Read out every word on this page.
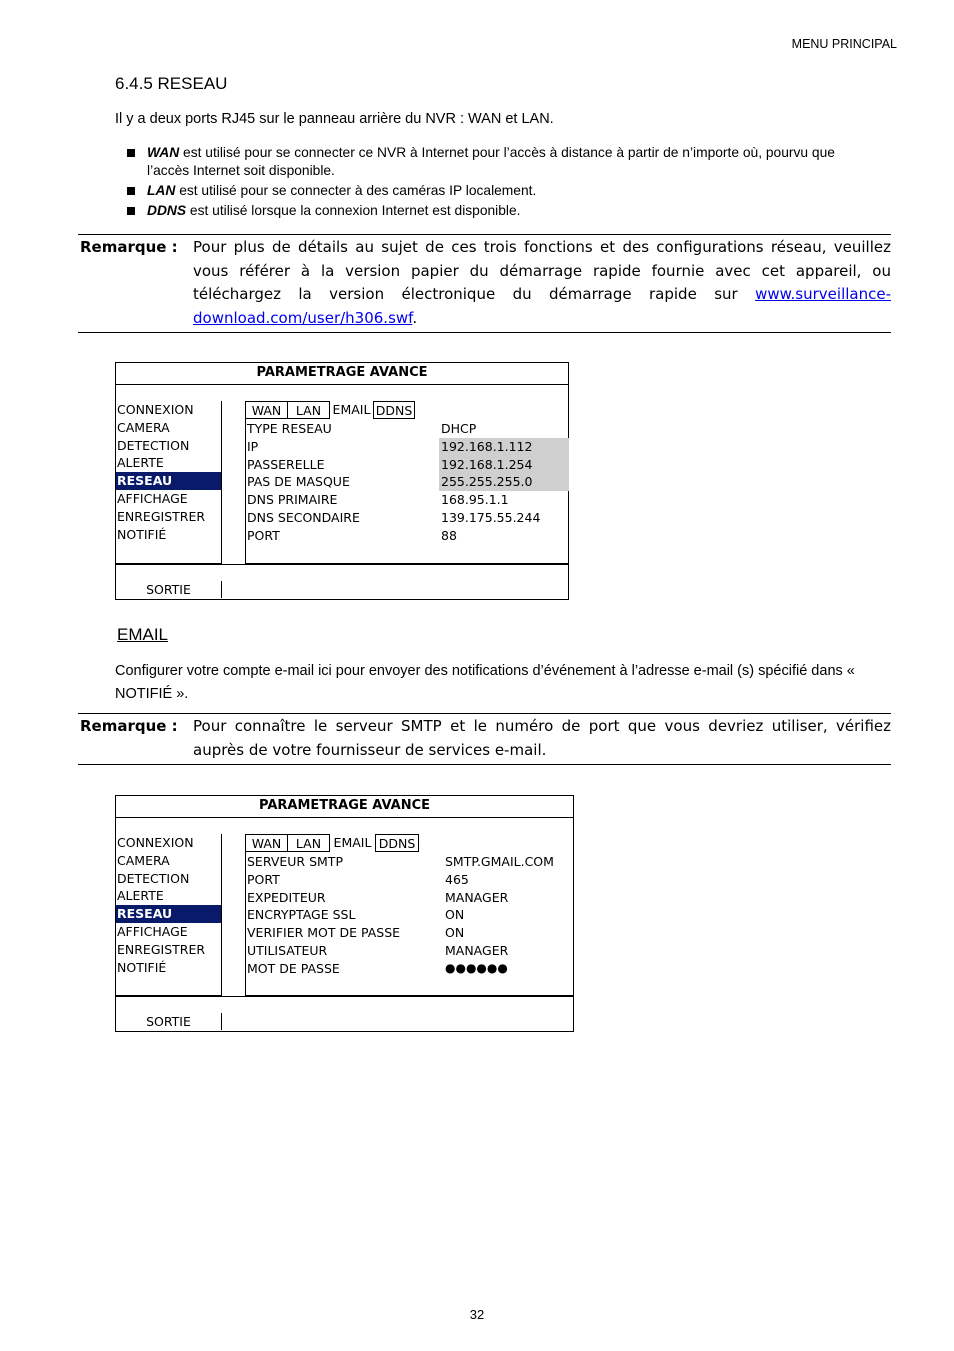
MENU PRINCIPAL
6.4.5 RESEAU
Il y a deux ports RJ45 sur le panneau arrière du NVR : WAN et LAN.
WAN est utilisé pour se connecter ce NVR à Internet pour l’accès à distance à partir de n’importe où, pourvu que l’accès Internet soit disponible.
LAN est utilisé pour se connecter à des caméras IP localement.
DDNS est utilisé lorsque la connexion Internet est disponible.
Remarque : Pour plus de détails au sujet de ces trois fonctions et des configurations réseau, veuillez vous référer à la version papier du démarrage rapide fournie avec cet appareil, ou téléchargez la version électronique du démarrage rapide sur www.surveillance-download.com/user/h306.swf.
PARAMETRAGE AVANCE
CONNEXION
CAMERA
DETECTION
ALERTE
RESEAU
AFFICHAGE
ENREGISTRER
NOTIFIÉ
SORTIE
WAN	LAN EMAIL DDNS
TYPE RESEAU	DHCP
IP	192.168.1.112
PASSERELLE	192.168.1.254
PAS DE MASQUE	255.255.255.0
DNS PRIMAIRE	168.95.1.1
DNS SECONDAIRE	139.175.55.244
PORT	88
EMAIL
Configurer votre compte e-mail ici pour envoyer des notifications d’événement à l’adresse e-mail (s) spécifié dans « NOTIFIÉ ».
Remarque : Pour connaître le serveur SMTP et le numéro de port que vous devriez utiliser, vérifiez auprès de votre fournisseur de services e-mail.
PARAMETRAGE AVANCE
CONNEXION
CAMERA
DETECTION
ALERTE
RESEAU
AFFICHAGE
ENREGISTRER
NOTIFIÉ
SORTIE
WAN	LAN EMAIL DDNS
SERVEUR SMTP	SMTP.GMAIL.COM
PORT	465
EXPEDITEUR	MANAGER
ENCRYPTAGE SSL	ON
VERIFIER MOT DE PASSE	ON
UTILISATEUR	MANAGER
MOT DE PASSE	●●●●●●
32
